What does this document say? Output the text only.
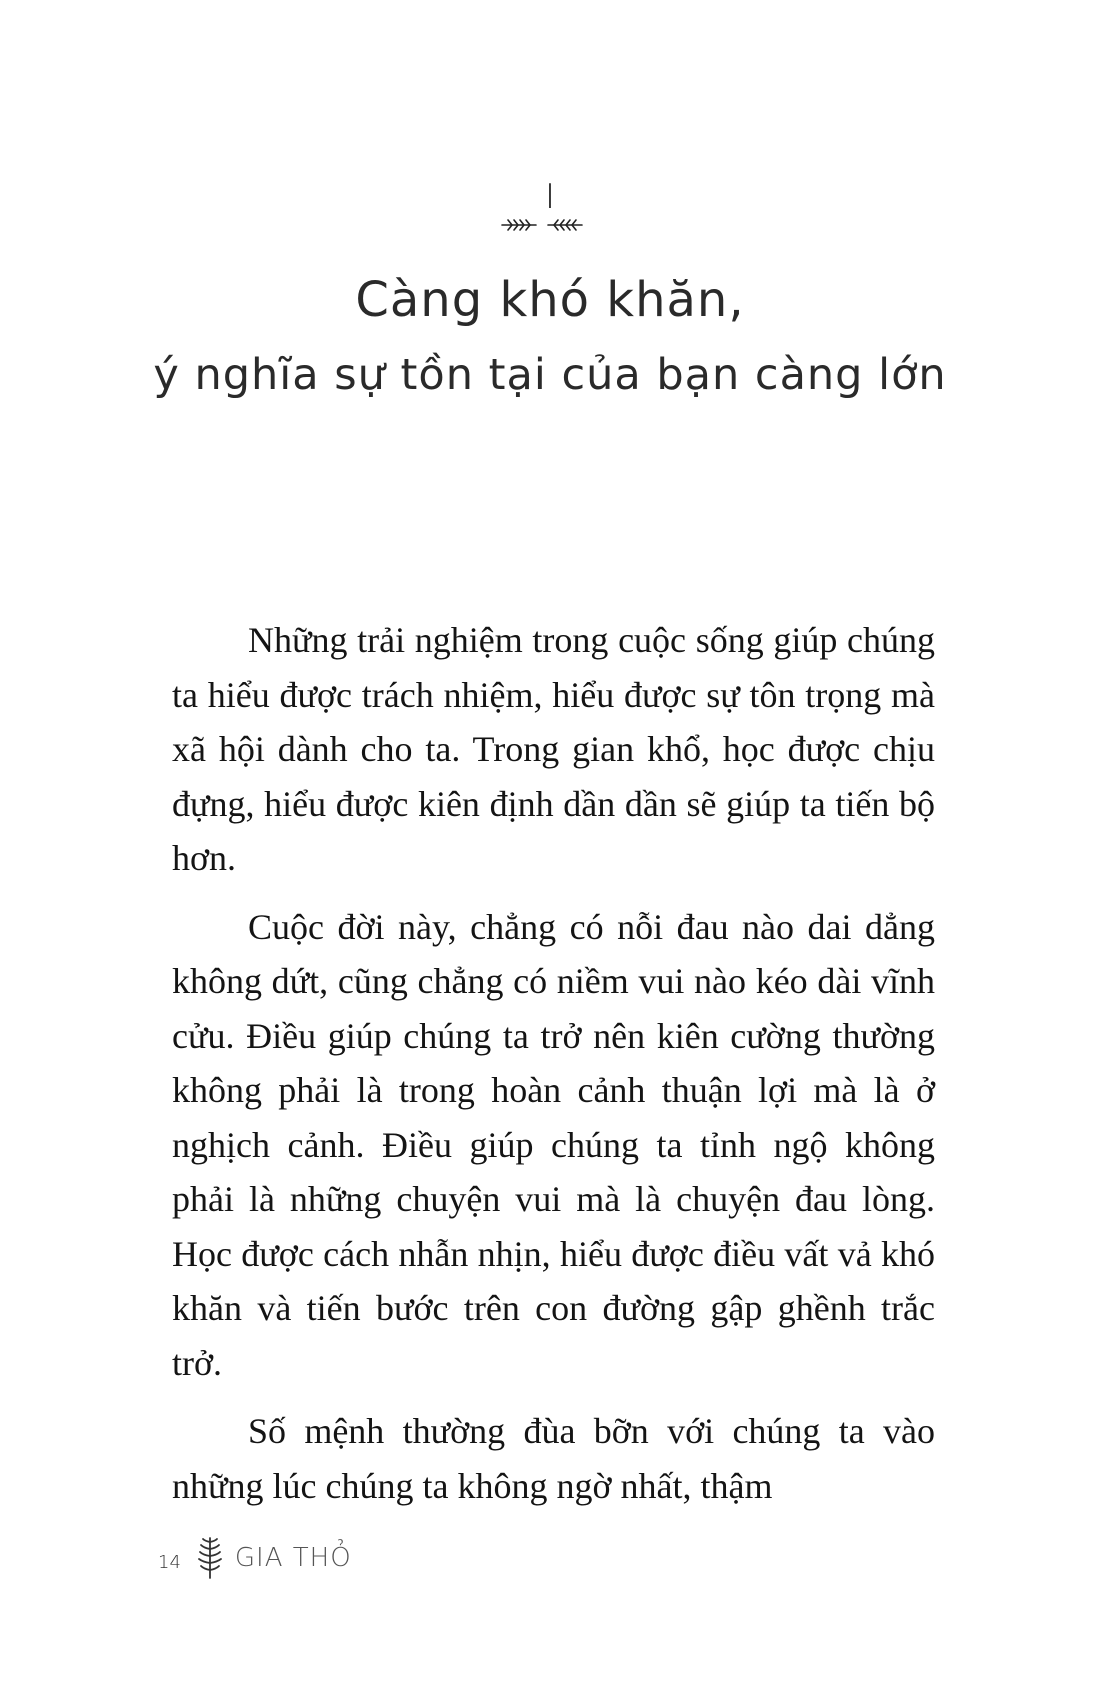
I
Càng khó khăn,
ý nghĩa sự tồn tại của bạn càng lớn

Những trải nghiệm trong cuộc sống giúp chúng ta hiểu được trách nhiệm, hiểu được sự tôn trọng mà xã hội dành cho ta. Trong gian khổ, học được chịu đựng, hiểu được kiên định dần dần sẽ giúp ta tiến bộ hơn.

Cuộc đời này, chẳng có nỗi đau nào dai dẳng không dứt, cũng chẳng có niềm vui nào kéo dài vĩnh cửu. Điều giúp chúng ta trở nên kiên cường thường không phải là trong hoàn cảnh thuận lợi mà là ở nghịch cảnh. Điều giúp chúng ta tỉnh ngộ không phải là những chuyện vui mà là chuyện đau lòng. Học được cách nhẫn nhịn, hiểu được điều vất vả khó khăn và tiến bước trên con đường gập ghềnh trắc trở.

Số mệnh thường đùa bỡn với chúng ta vào những lúc chúng ta không ngờ nhất, thậm

14 GIA THỎ
